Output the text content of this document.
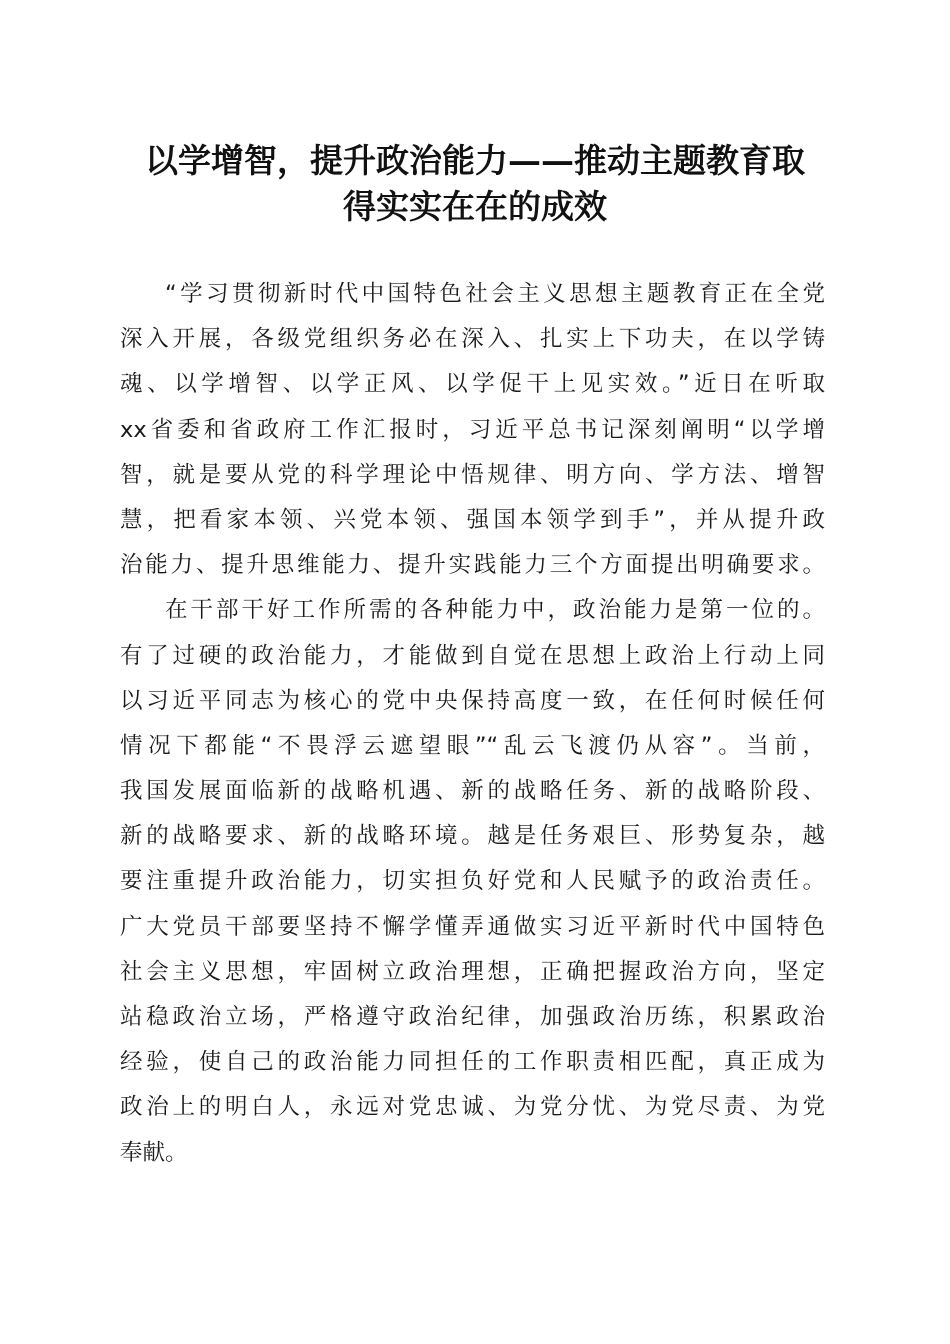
以学增智，提升政治能力——推动主题教育取
得实实在在的成效
“学习贯彻新时代中国特色社会主义思想主题教育正在全党
深入开展，各级党组织务必在深入、扎实上下功夫，在以学铸
魂、以学增智、以学正风、以学促干上见实效。”近日在听取
xx省委和省政府工作汇报时，习近平总书记深刻阐明“以学增
智，就是要从党的科学理论中悟规律、明方向、学方法、增智
慧，把看家本领、兴党本领、强国本领学到手”，并从提升政
治能力、提升思维能力、提升实践能力三个方面提出明确要求。
在干部干好工作所需的各种能力中，政治能力是第一位的。
有了过硬的政治能力，才能做到自觉在思想上政治上行动上同
以习近平同志为核心的党中央保持高度一致，在任何时候任何
情况下都能“不畏浮云遮望眼”“乱云飞渡仍从容”。当前，
我国发展面临新的战略机遇、新的战略任务、新的战略阶段、
新的战略要求、新的战略环境。越是任务艰巨、形势复杂，越
要注重提升政治能力，切实担负好党和人民赋予的政治责任。
广大党员干部要坚持不懈学懂弄通做实习近平新时代中国特色
社会主义思想，牢固树立政治理想，正确把握政治方向，坚定
站稳政治立场，严格遵守政治纪律，加强政治历练，积累政治
经验，使自己的政治能力同担任的工作职责相匹配，真正成为
政治上的明白人，永远对党忠诚、为党分忧、为党尽责、为党
奉献。
